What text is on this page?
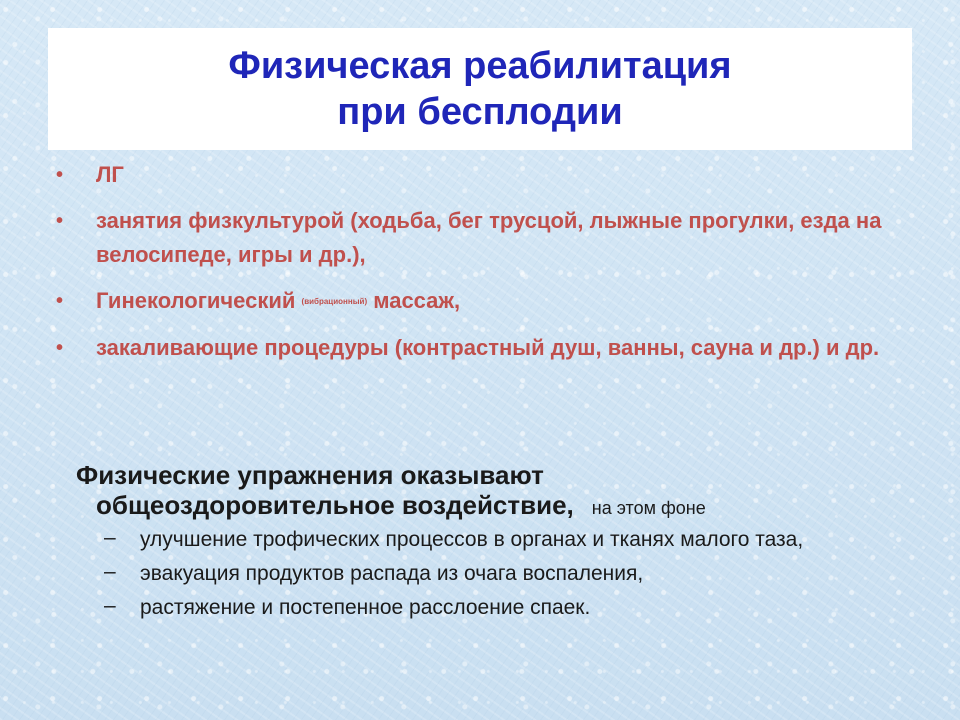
Физическая реабилитация
при бесплодии
• ЛГ
• занятия физкультурой (ходьба, бег трусцой, лыжные прогулки, езда на велосипеде, игры и др.),
• Гинекологический (вибрационный) массаж,
• закаливающие процедуры (контрастный душ, ванны, сауна и др.) и др.
Физические упражнения оказывают
общеоздоровительное воздействие, на этом фоне
– улучшение трофических процессов в органах и тканях малого таза,
– эвакуация продуктов распада из очага воспаления,
– растяжение и постепенное расслоение спаек.
